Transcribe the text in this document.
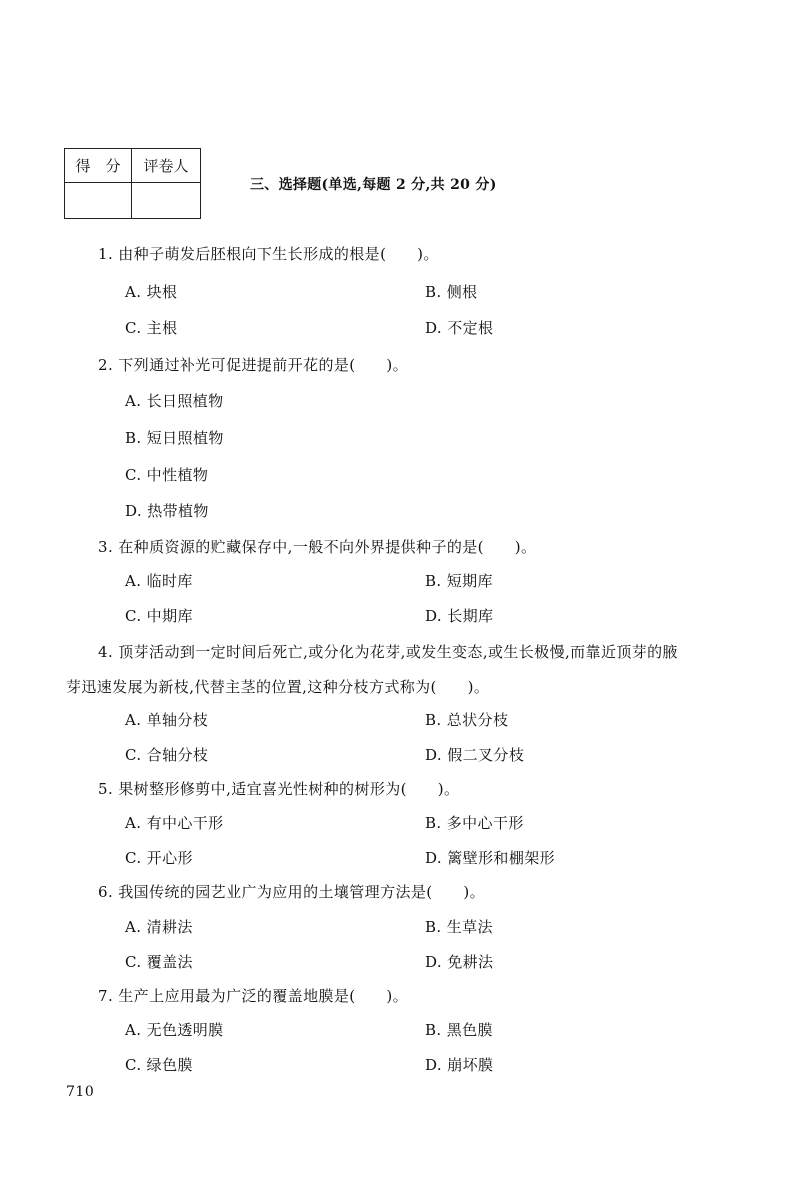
得　分	评卷人

三、选择题(单选,每题 2 分,共 20 分)
1. 由种子萌发后胚根向下生长形成的根是(　　)。
A. 块根	B. 侧根
C. 主根	D. 不定根
2. 下列通过补光可促进提前开花的是(　　)。
A. 长日照植物
B. 短日照植物
C. 中性植物
D. 热带植物
3. 在种质资源的贮藏保存中,一般不向外界提供种子的是(　　)。
A. 临时库	B. 短期库
C. 中期库	D. 长期库
4. 顶芽活动到一定时间后死亡,或分化为花芽,或发生变态,或生长极慢,而靠近顶芽的腋
芽迅速发展为新枝,代替主茎的位置,这种分枝方式称为(　　)。
A. 单轴分枝	B. 总状分枝
C. 合轴分枝	D. 假二叉分枝
5. 果树整形修剪中,适宜喜光性树种的树形为(　　)。
A. 有中心干形	B. 多中心干形
C. 开心形	D. 篱壁形和棚架形
6. 我国传统的园艺业广为应用的土壤管理方法是(　　)。
A. 清耕法	B. 生草法
C. 覆盖法	D. 免耕法
7. 生产上应用最为广泛的覆盖地膜是(　　)。
A. 无色透明膜	B. 黑色膜
C. 绿色膜	D. 崩坏膜
710
